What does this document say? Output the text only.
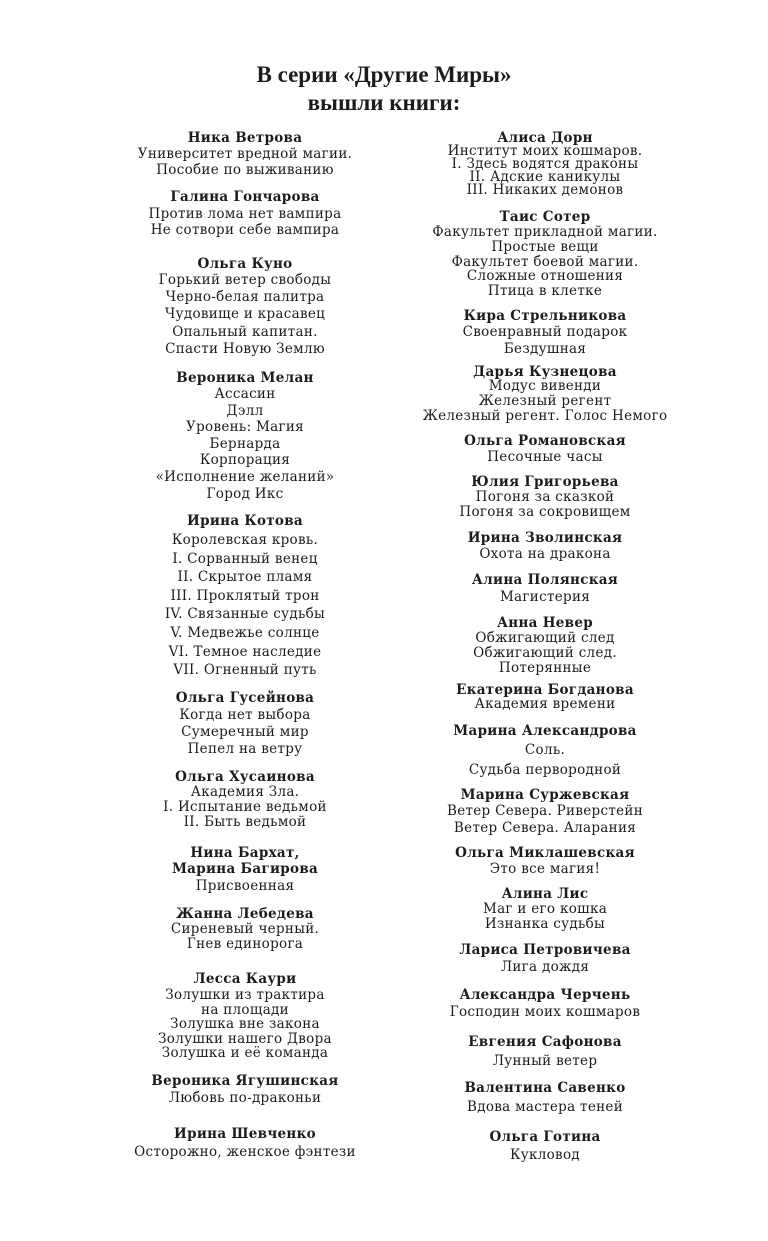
В серии «Другие Миры»
вышли книги:
Ника Ветрова
Университет вредной магии.
Пособие по выживанию
Галина Гончарова
Против лома нет вампира
Не сотвори себе вампира
Ольга Куно
Горький ветер свободы
Черно-белая палитра
Чудовище и красавец
Опальный капитан.
Спасти Новую Землю
Вероника Мелан
Ассасин
Дэлл
Уровень: Магия
Бернарда
Корпорация
«Исполнение желаний»
Город Икс
Ирина Котова
Королевская кровь.
I. Сорванный венец
II. Скрытое пламя
III. Проклятый трон
IV. Связанные судьбы
V. Медвежье солнце
VI. Темное наследие
VII. Огненный путь
Ольга Гусейнова
Когда нет выбора
Сумеречный мир
Пепел на ветру
Ольга Хусаинова
Академия Зла.
I. Испытание ведьмой
II. Быть ведьмой
Нина Бархат,
Марина Багирова
Присвоенная
Жанна Лебедева
Сиреневый черный.
Гнев единорога
Лесса Каури
Золушки из трактира
на площади
Золушка вне закона
Золушки нашего Двора
Золушка и её команда
Вероника Ягушинская
Любовь по-драконьи
Ирина Шевченко
Осторожно, женское фэнтези
Алиса Дорн
Институт моих кошмаров.
I. Здесь водятся драконы
II. Адские каникулы
III. Никаких демонов
Таис Сотер
Факультет прикладной магии.
Простые вещи
Факультет боевой магии.
Сложные отношения
Птица в клетке
Кира Стрельникова
Своенравный подарок
Бездушная
Дарья Кузнецова
Модус вивенди
Железный регент
Железный регент. Голос Немого
Ольга Романовская
Песочные часы
Юлия Григорьева
Погоня за сказкой
Погоня за сокровищем
Ирина Зволинская
Охота на дракона
Алина Полянская
Магистерия
Анна Невер
Обжигающий след
Обжигающий след.
Потерянные
Екатерина Богданова
Академия времени
Марина Александрова
Соль.
Судьба первородной
Марина Суржевская
Ветер Севера. Риверстейн
Ветер Севера. Аларания
Ольга Миклашевская
Это все магия!
Алина Лис
Маг и его кошка
Изнанка судьбы
Лариса Петровичева
Лига дождя
Александра Черчень
Господин моих кошмаров
Евгения Сафонова
Лунный ветер
Валентина Савенко
Вдова мастера теней
Ольга Готина
Кукловод
